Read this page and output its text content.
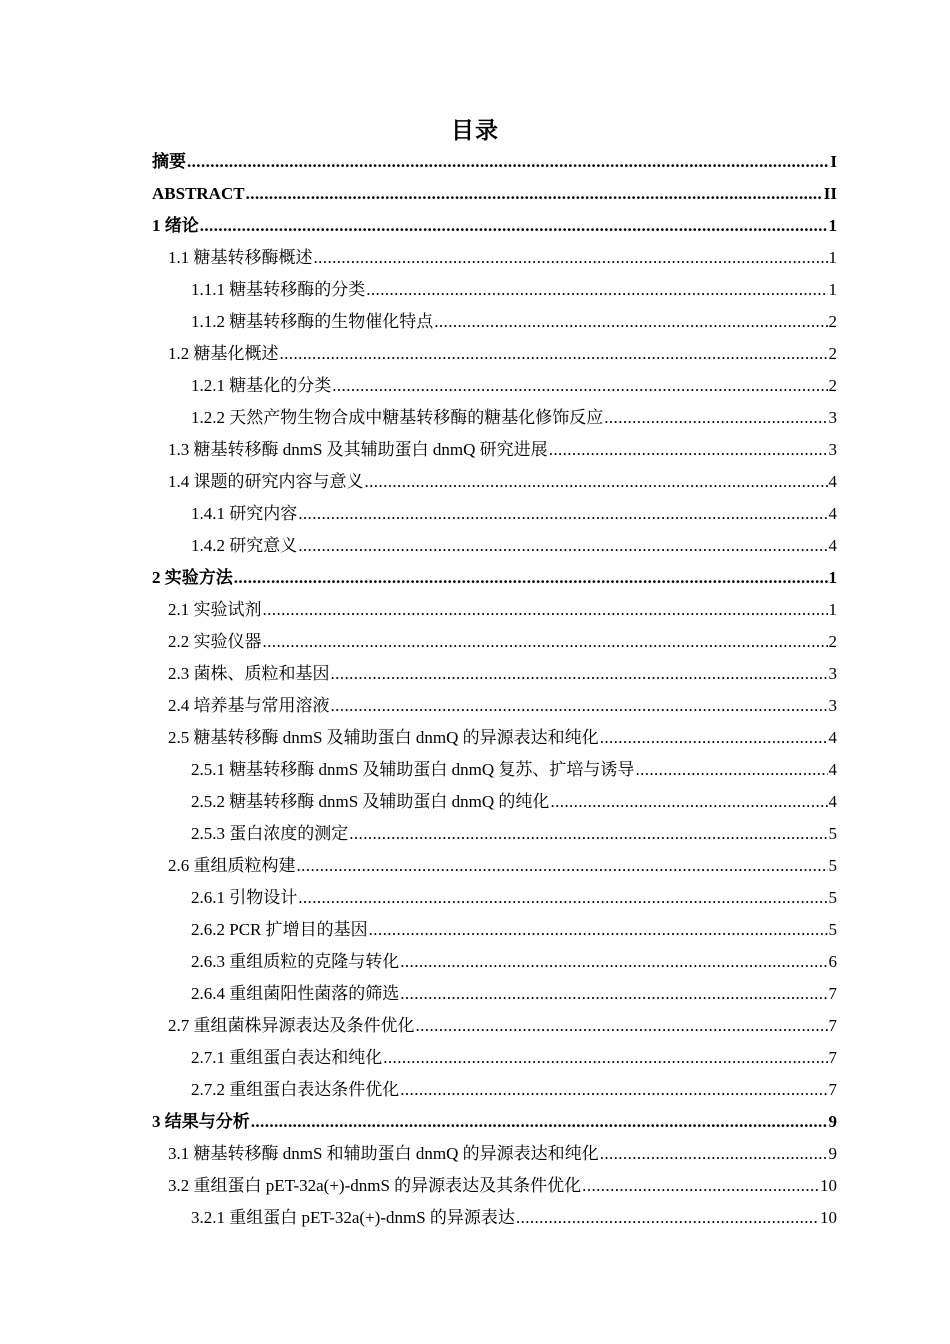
目录
摘要 .....	I
ABSTRACT .....	II
1 绪论 .....	1
1.1 糖基转移酶概述 .....	1
1.1.1 糖基转移酶的分类 .....	1
1.1.2 糖基转移酶的生物催化特点 .....	2
1.2 糖基化概述 .....	2
1.2.1 糖基化的分类 .....	2
1.2.2 天然产物生物合成中糖基转移酶的糖基化修饰反应 .....	3
1.3 糖基转移酶 dnmS 及其辅助蛋白 dnmQ 研究进展 .....	3
1.4 课题的研究内容与意义 .....	4
1.4.1 研究内容 .....	4
1.4.2 研究意义 .....	4
2 实验方法 .....	1
2.1 实验试剂 .....	1
2.2 实验仪器 .....	2
2.3 菌株、质粒和基因 .....	3
2.4 培养基与常用溶液 .....	3
2.5 糖基转移酶 dnmS 及辅助蛋白 dnmQ 的异源表达和纯化 .....	4
2.5.1 糖基转移酶 dnmS 及辅助蛋白 dnmQ 复苏、扩培与诱导 .....	4
2.5.2 糖基转移酶 dnmS 及辅助蛋白 dnmQ 的纯化 .....	4
2.5.3 蛋白浓度的测定 .....	5
2.6 重组质粒构建 .....	5
2.6.1 引物设计 .....	5
2.6.2 PCR 扩增目的基因 .....	5
2.6.3 重组质粒的克隆与转化 .....	6
2.6.4 重组菌阳性菌落的筛选 .....	7
2.7 重组菌株异源表达及条件优化 .....	7
2.7.1 重组蛋白表达和纯化 .....	7
2.7.2 重组蛋白表达条件优化 .....	7
3 结果与分析 .....	9
3.1 糖基转移酶 dnmS 和辅助蛋白 dnmQ 的异源表达和纯化 .....	9
3.2 重组蛋白 pET-32a(+)-dnmS 的异源表达及其条件优化 .....	10
3.2.1 重组蛋白 pET-32a(+)-dnmS 的异源表达 .....	10
